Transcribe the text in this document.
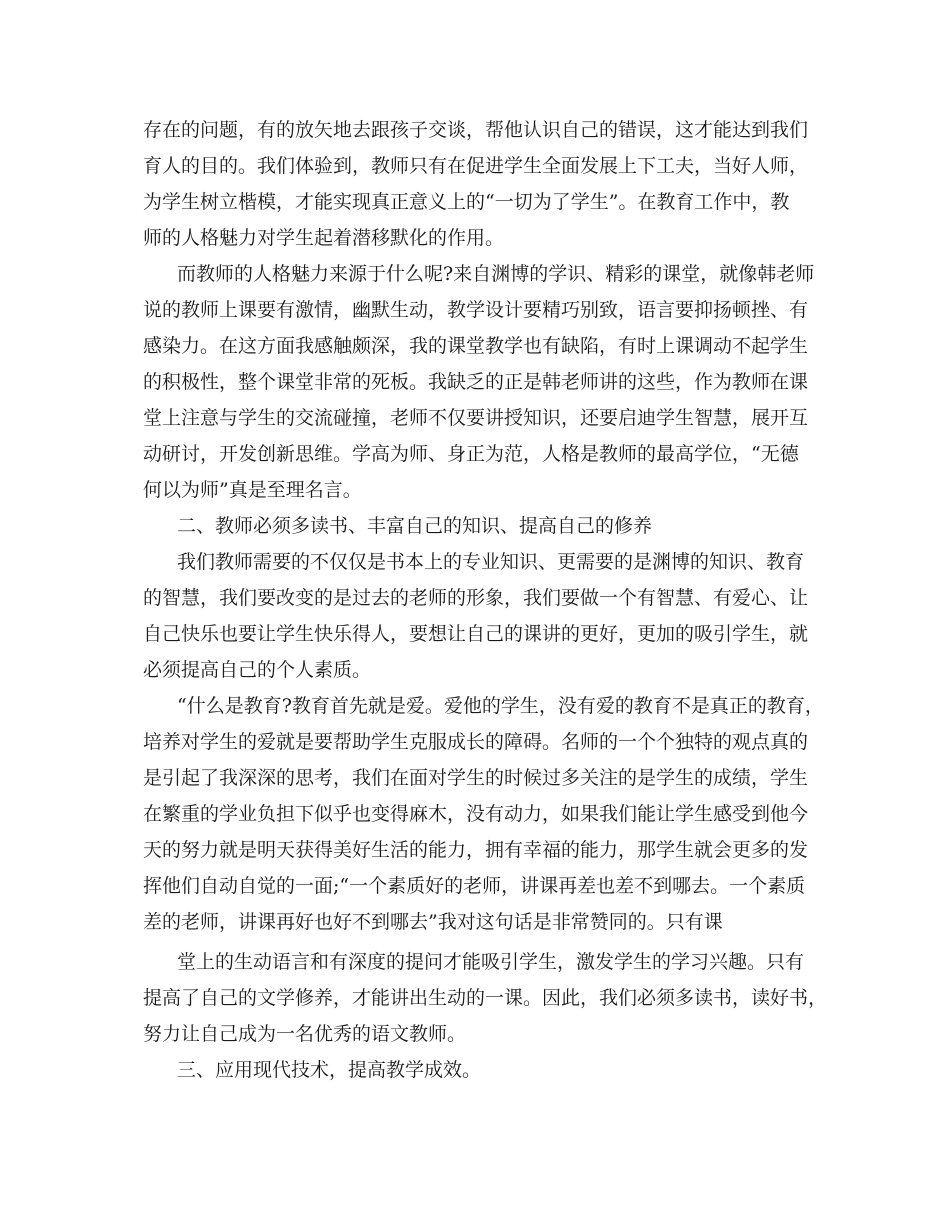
存在的问题，有的放矢地去跟孩子交谈，帮他认识自己的错误，这才能达到我们
育人的目的。我们体验到，教师只有在促进学生全面发展上下工夫，当好人师，
为学生树立楷模，才能实现真正意义上的“一切为了学生”。在教育工作中，教
师的人格魅力对学生起着潜移默化的作用。
而教师的人格魅力来源于什么呢?来自渊博的学识、精彩的课堂，就像韩老师
说的教师上课要有激情，幽默生动，教学设计要精巧别致，语言要抑扬顿挫、有
感染力。在这方面我感触颇深，我的课堂教学也有缺陷，有时上课调动不起学生
的积极性，整个课堂非常的死板。我缺乏的正是韩老师讲的这些，作为教师在课
堂上注意与学生的交流碰撞，老师不仅要讲授知识，还要启迪学生智慧，展开互
动研讨，开发创新思维。学高为师、身正为范，人格是教师的最高学位，“无德
何以为师”真是至理名言。
二、教师必须多读书、丰富自己的知识、提高自己的修养
我们教师需要的不仅仅是书本上的专业知识、更需要的是渊博的知识、教育
的智慧，我们要改变的是过去的老师的形象，我们要做一个有智慧、有爱心、让
自己快乐也要让学生快乐得人，要想让自己的课讲的更好，更加的吸引学生，就
必须提高自己的个人素质。
“什么是教育?教育首先就是爱。爱他的学生，没有爱的教育不是真正的教育，
培养对学生的爱就是要帮助学生克服成长的障碍。名师的一个个独特的观点真的
是引起了我深深的思考，我们在面对学生的时候过多关注的是学生的成绩，学生
在繁重的学业负担下似乎也变得麻木，没有动力，如果我们能让学生感受到他今
天的努力就是明天获得美好生活的能力，拥有幸福的能力，那学生就会更多的发
挥他们自动自觉的一面;“一个素质好的老师，讲课再差也差不到哪去。一个素质
差的老师，讲课再好也好不到哪去”我对这句话是非常赞同的。只有课
堂上的生动语言和有深度的提问才能吸引学生，激发学生的学习兴趣。只有
提高了自己的文学修养，才能讲出生动的一课。因此，我们必须多读书，读好书，
努力让自己成为一名优秀的语文教师。
三、应用现代技术，提高教学成效。
